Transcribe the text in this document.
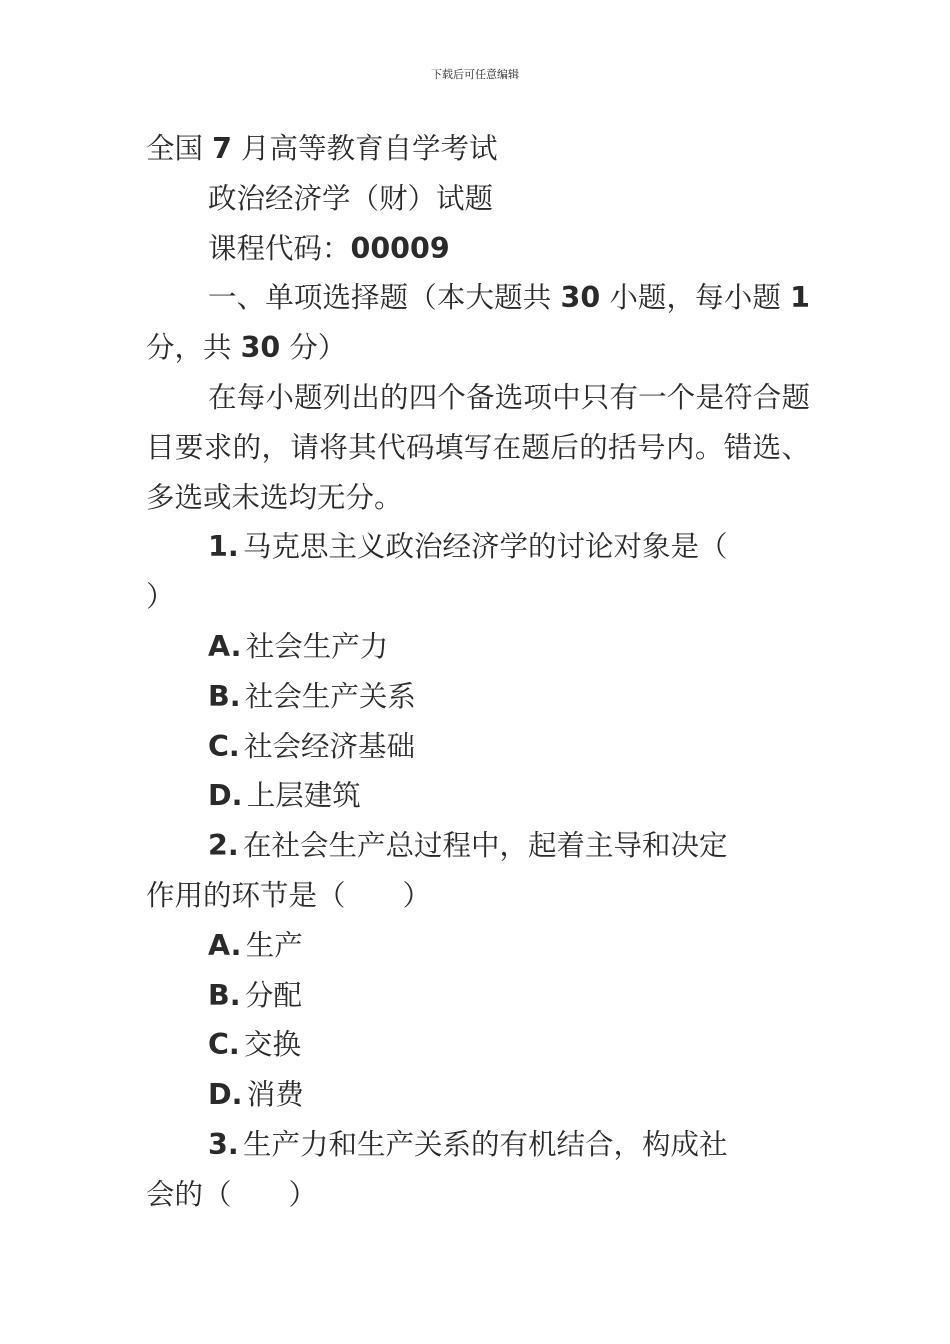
下载后可任意编辑

全国 7 月高等教育自学考试

政治经济学（财）试题

课程代码：00009

一、单项选择题（本大题共 30 小题，每小题 1 分，共 30 分）

在每小题列出的四个备选项中只有一个是符合题目要求的，请将其代码填写在题后的括号内。错选、多选或未选均无分。

1. 马克思主义政治经济学的讨论对象是（

）

A. 社会生产力

B. 社会生产关系

C. 社会经济基础

D. 上层建筑

2. 在社会生产总过程中，起着主导和决定

作用的环节是（　　）

A. 生产

B. 分配

C. 交换

D. 消费

3. 生产力和生产关系的有机结合，构成社

会的（　　）
